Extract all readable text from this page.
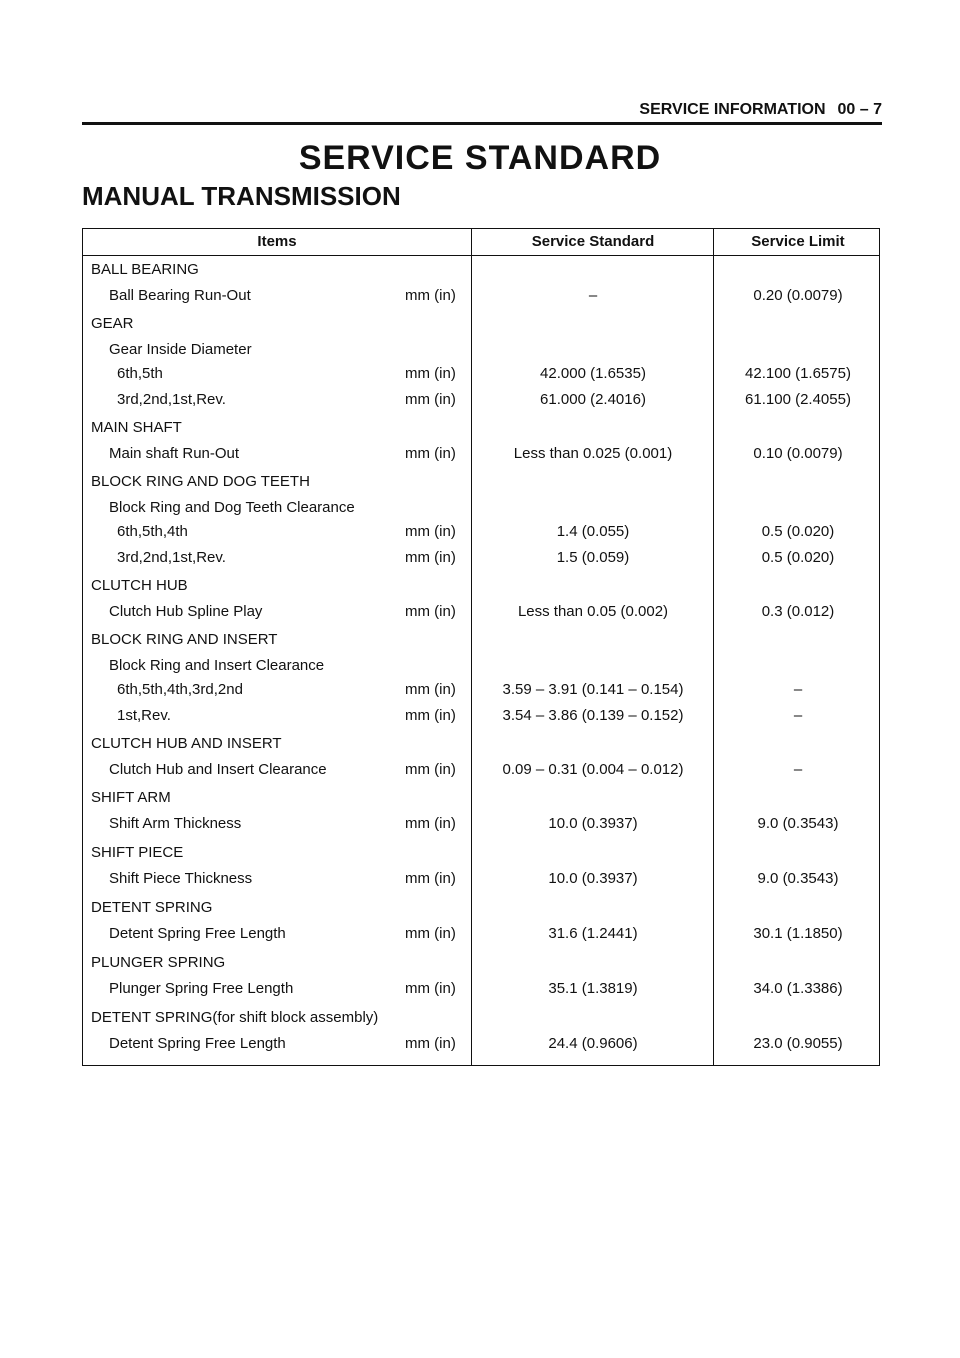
SERVICE INFORMATION 00 – 7
SERVICE STANDARD
MANUAL TRANSMISSION
Items	Service Standard	Service Limit
BALL BEARING
Ball Bearing Run-Out	mm (in)	–	0.20 (0.0079)
GEAR
Gear Inside Diameter
6th,5th	mm (in)	42.000 (1.6535)	42.100 (1.6575)
3rd,2nd,1st,Rev.	mm (in)	61.000 (2.4016)	61.100 (2.4055)
MAIN SHAFT
Main shaft Run-Out	mm (in)	Less than 0.025 (0.001)	0.10 (0.0079)
BLOCK RING AND DOG TEETH
Block Ring and Dog Teeth Clearance
6th,5th,4th	mm (in)	1.4 (0.055)	0.5 (0.020)
3rd,2nd,1st,Rev.	mm (in)	1.5 (0.059)	0.5 (0.020)
CLUTCH HUB
Clutch Hub Spline Play	mm (in)	Less than 0.05 (0.002)	0.3 (0.012)
BLOCK RING AND INSERT
Block Ring and Insert Clearance
6th,5th,4th,3rd,2nd	mm (in)	3.59 – 3.91 (0.141 – 0.154)	–
1st,Rev.	mm (in)	3.54 – 3.86 (0.139 – 0.152)	–
CLUTCH HUB AND INSERT
Clutch Hub and Insert Clearance	mm (in)	0.09 – 0.31 (0.004 – 0.012)	–
SHIFT ARM
Shift Arm Thickness	mm (in)	10.0 (0.3937)	9.0 (0.3543)
SHIFT PIECE
Shift Piece Thickness	mm (in)	10.0 (0.3937)	9.0 (0.3543)
DETENT SPRING
Detent Spring Free Length	mm (in)	31.6 (1.2441)	30.1 (1.1850)
PLUNGER SPRING
Plunger Spring Free Length	mm (in)	35.1 (1.3819)	34.0 (1.3386)
DETENT SPRING(for shift block assembly)
Detent Spring Free Length	mm (in)	24.4 (0.9606)	23.0 (0.9055)
